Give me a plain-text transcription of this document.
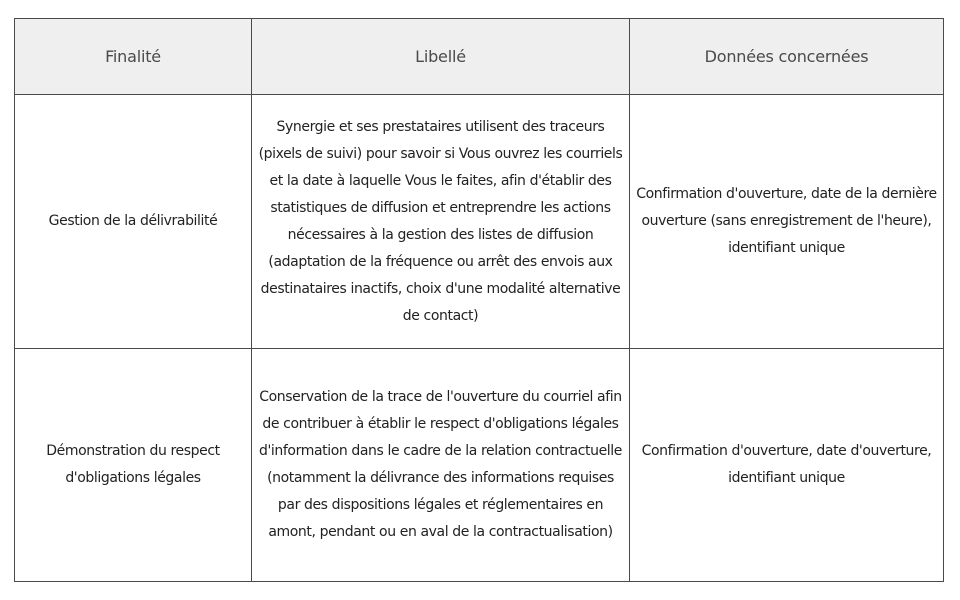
Finalité	Libellé	Données concernées
Gestion de la délivrabilité	Synergie et ses prestataires utilisent des traceurs (pixels de suivi) pour savoir si Vous ouvrez les courriels et la date à laquelle Vous le faites, afin d'établir des statistiques de diffusion et entreprendre les actions nécessaires à la gestion des listes de diffusion (adaptation de la fréquence ou arrêt des envois aux destinataires inactifs, choix d'une modalité alternative de contact)	Confirmation d'ouverture, date de la dernière ouverture (sans enregistrement de l'heure), identifiant unique
Démonstration du respect d'obligations légales	Conservation de la trace de l'ouverture du courriel afin de contribuer à établir le respect d'obligations légales d'information dans le cadre de la relation contractuelle (notamment la délivrance des informations requises par des dispositions légales et réglementaires en amont, pendant ou en aval de la contractualisation)	Confirmation d'ouverture, date d'ouverture, identifiant unique
